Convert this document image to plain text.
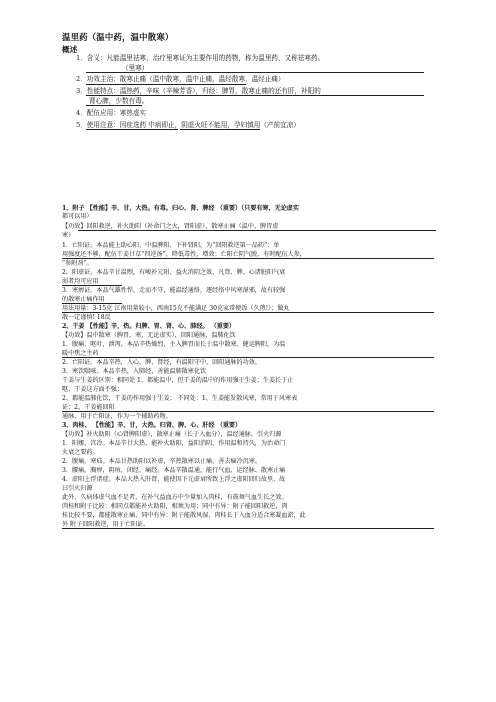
温里药（温中药，温中散寒）
概述
1．含义：凡能温里祛寒，治疗里寒证为主要作用的药物，称为温里药，又称祛寒药。
（里寒）
2．功效主治：散寒止痛（温中散寒，温中止痛，温经散寒，温经止痛）
3．性能特点：温热药，辛味（辛辣芳香），归经：脾胃，散寒止痛的还有肝，补阳的
肾心脾，少数有毒。
4．配伍应用：寒热虚实
5．使用注意：因症选药 中病即止，阴虚火旺不能用，孕妇慎用（产前宜凉）
1、附子 【性能】辛、甘，大热。有毒。归心、肾、脾经 （重要）（只要有寒，无论虚实
都可以用）
【功效】回阳救逆，补火助阳（补命门之火，肾阳虚），散寒止痛（温中，脾胃虚
寒）
1．亡阳证。本品能上助心阳、中温脾阳、下补肾阳，为“回阳救逆第一品药”；单
用强度还不够，配伍干姜甘草“四逆汤”，降低毒性，增效；亡阳亡阴气脱，有时配伍人参，
“参附剂”。
2．阳虚证。本品辛甘温煦，有峻补元阳、益火消阴之效，凡肾、脾、心诸脏阳气衰
弱者均可应用
3．寒痹证。本品气雄性悍，走而不守，能温经通络，逐经络中风寒湿邪，故有较强
的散寒止痛作用
用法用量：3-15克 江南用量较小，西南15克不能满足 30克家常便饭（久煎!）；做丸
散一定谨慎! 18反
2、干姜 【性能】辛，热。归脾、胃、肾、心、肺经。 （重要）
【功效】温中散寒（脾胃，寒，无论虚实），回阳通脉，温肺化饮
1．腹痛，呕吐，泄泻。本品辛热燥烈，主入脾胃而长于温中散寒、健运脾阳，为温
暖中焦之主药
2．亡阳证。本品辛热，入心、脾、肾经，有温阳守中，回阳通脉的功效。
3．寒饮喘咳。本品辛热，入肺经，善能温肺散寒化饮
干姜与生姜的区别：相同处 1、都能温中，但干姜的温中的作用强于生姜；生姜长于止
呕，干姜这方面不强；
2、都能温肺化饮，干姜的作用强于生姜； 不同处：1、生姜能发散风寒，常用于风寒表
证；2、干姜能回阳
通脉，用于亡阳证，作为一个辅助药物。
3、肉桂、 【性能】辛、甘，大热。归肾、脾、心、肝经 （重要）
【功效】补火助阳（心肾脾阳虚），散寒止痛（长于入血分），温经通脉，引火归源
1．阳痿，宫冷。本品辛甘大热，能补火助阳，益阳消阴，作用温和持久，为治命门
火衰之要药。
2．腹痛，寒疝。本品甘热助阳以补虚，辛热散寒以止痛，善去痼冷沉寒。
3．腰痛，胸痹，阴疽，闭经，痛经。本品辛散温通，能行气血、运经脉、散寒止痛
4．虚阳上浮诸症。本品大热入肝肾，能使因下元虚衰所致上浮之虚阳回归故里，故
曰引火归源
此外，久病体虚气血不足者，在补气益血方中少量加入肉桂，有鼓舞气血生长之效。
肉桂和附子比较：相同点都能补火助阳，相须为用；同中有异：附子能回阳救逆，肉
桂比较不要，都能散寒止痛，同中有异：附子能散风湿，肉桂长于入血分适合寒凝血淤，此
外 附子回阳救逆，用于亡阳证。
